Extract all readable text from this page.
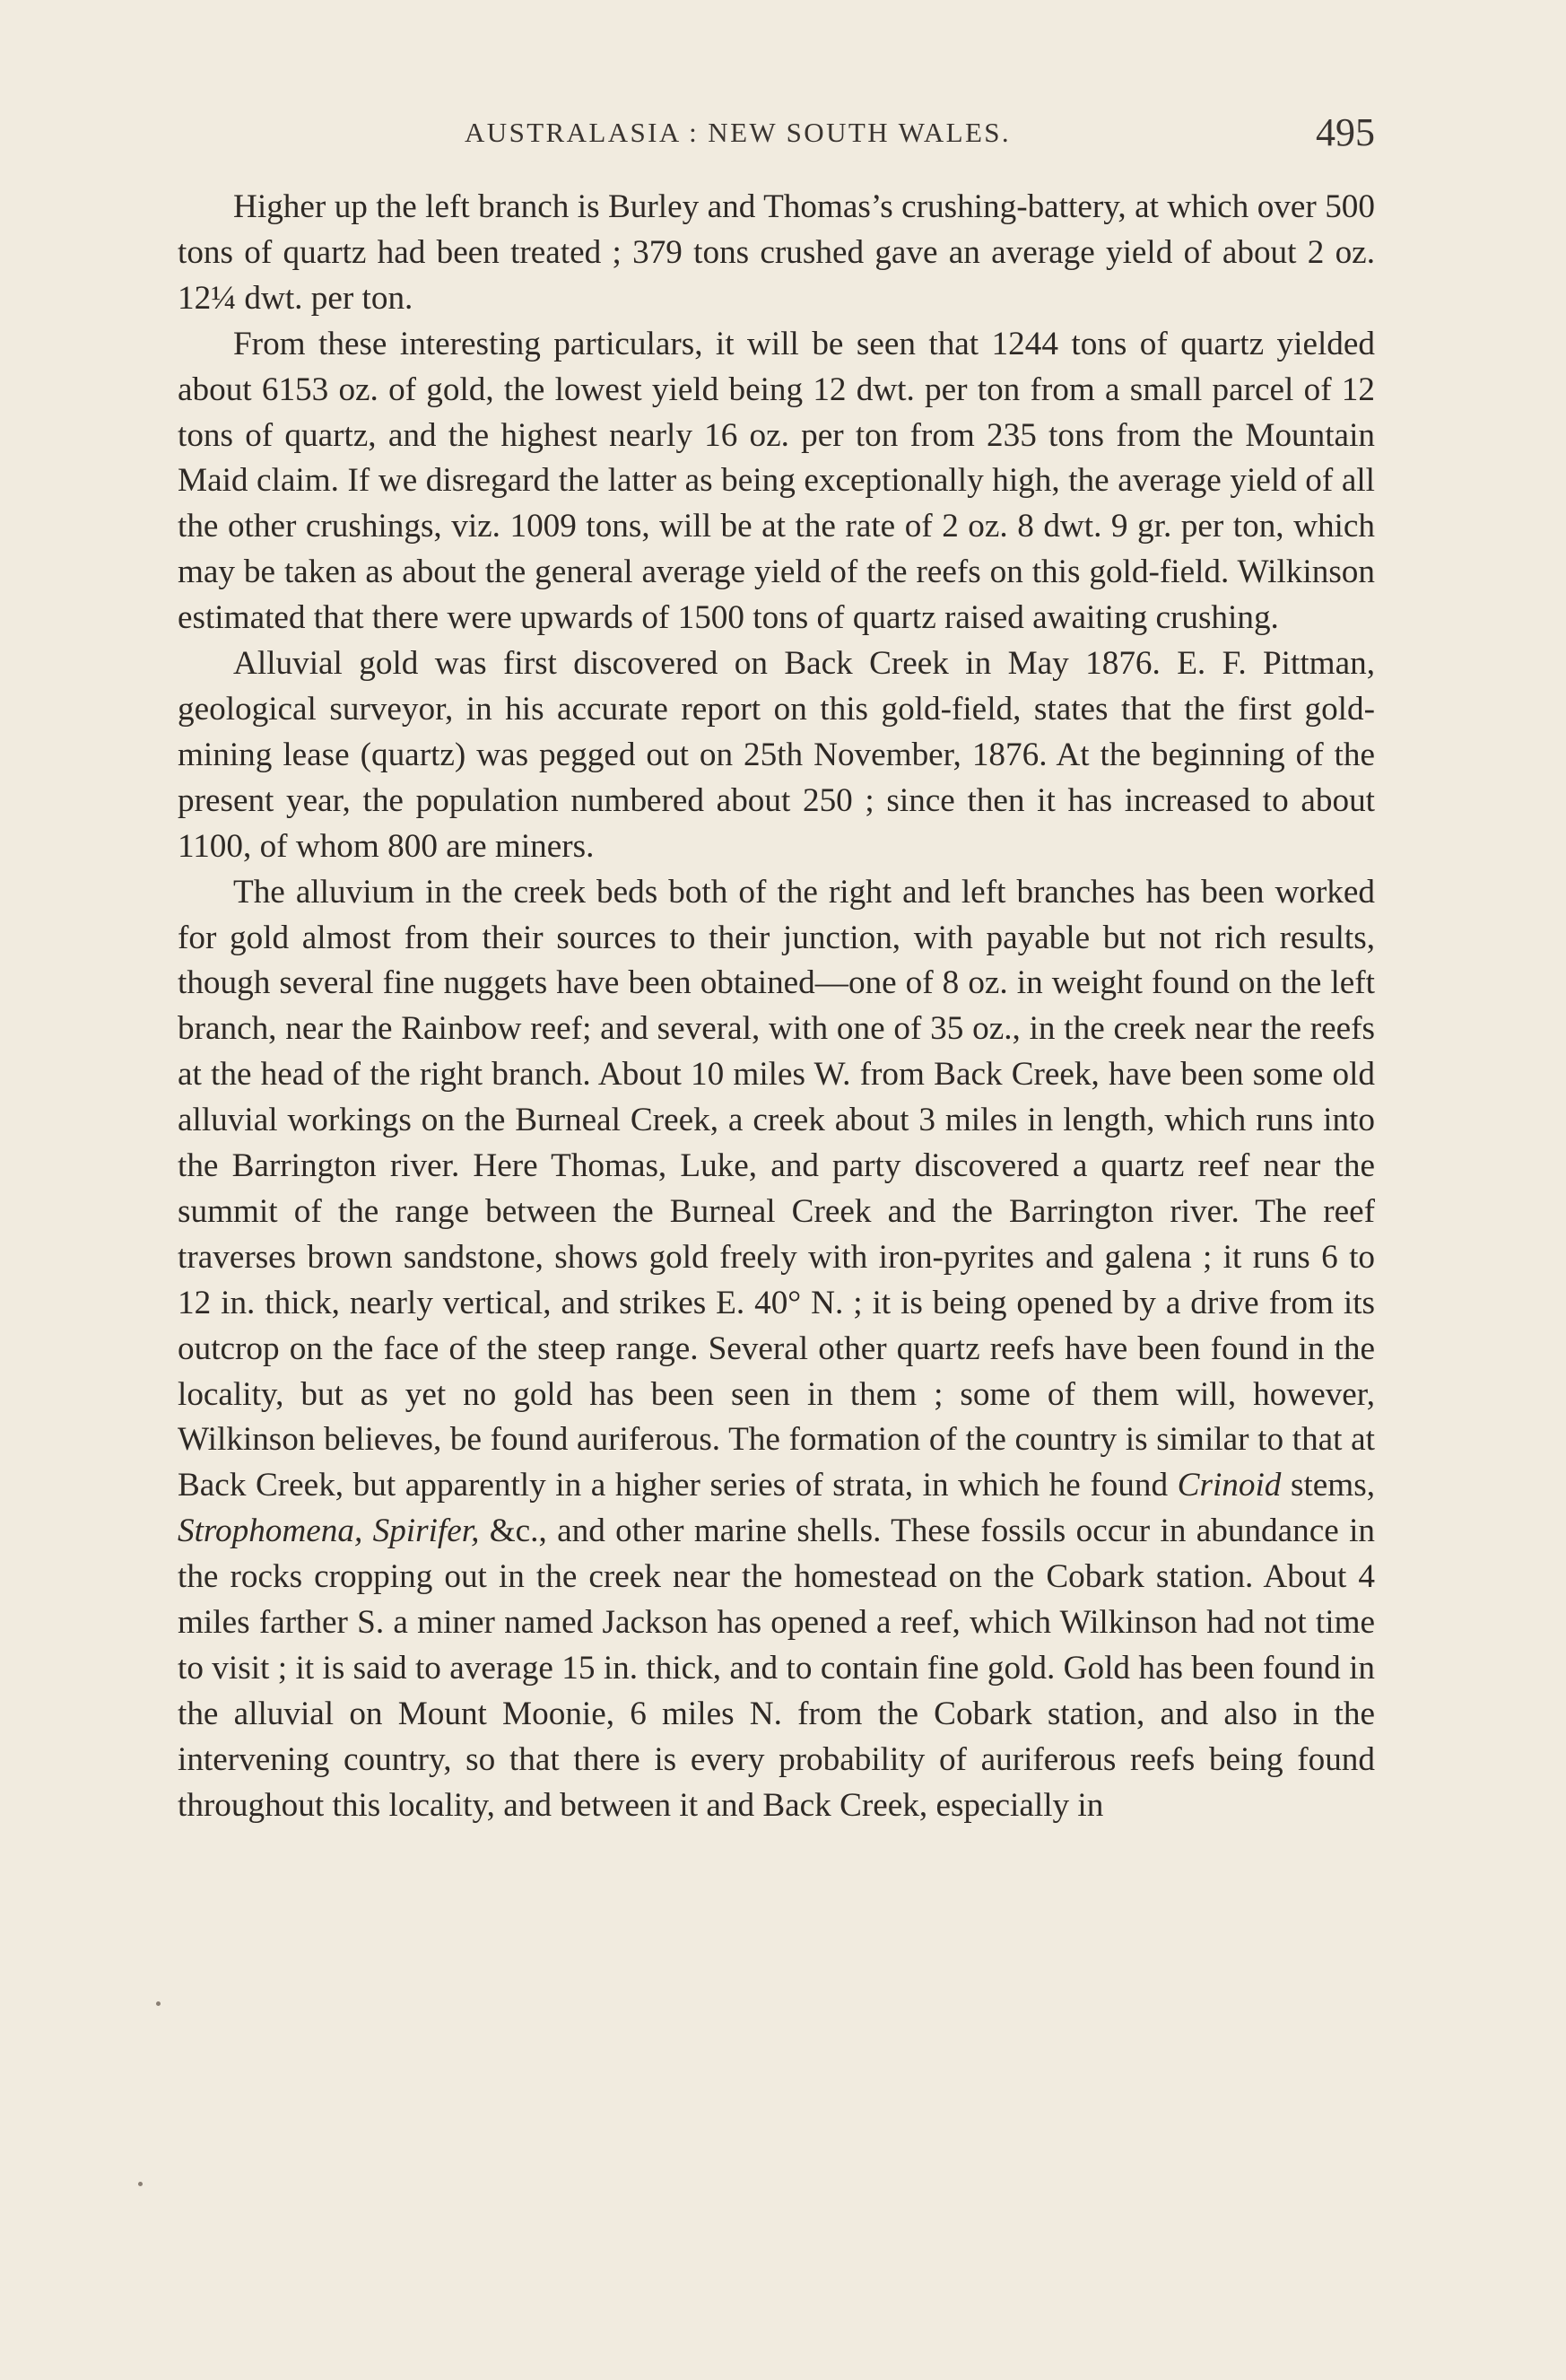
AUSTRALASIA : NEW SOUTH WALES.	495

Higher up the left branch is Burley and Thomas’s crushing-battery, at which over 500 tons of quartz had been treated ; 379 tons crushed gave an average yield of about 2 oz. 12¼ dwt. per ton.

From these interesting particulars, it will be seen that 1244 tons of quartz yielded about 6153 oz. of gold, the lowest yield being 12 dwt. per ton from a small parcel of 12 tons of quartz, and the highest nearly 16 oz. per ton from 235 tons from the Mountain Maid claim. If we disregard the latter as being exceptionally high, the average yield of all the other crushings, viz. 1009 tons, will be at the rate of 2 oz. 8 dwt. 9 gr. per ton, which may be taken as about the general average yield of the reefs on this gold-field. Wilkinson estimated that there were upwards of 1500 tons of quartz raised awaiting crushing.

Alluvial gold was first discovered on Back Creek in May 1876. E. F. Pittman, geological surveyor, in his accurate report on this gold-field, states that the first gold-mining lease (quartz) was pegged out on 25th November, 1876. At the beginning of the present year, the population numbered about 250 ; since then it has increased to about 1100, of whom 800 are miners.

The alluvium in the creek beds both of the right and left branches has been worked for gold almost from their sources to their junction, with payable but not rich results, though several fine nuggets have been obtained—one of 8 oz. in weight found on the left branch, near the Rainbow reef; and several, with one of 35 oz., in the creek near the reefs at the head of the right branch. About 10 miles W. from Back Creek, have been some old alluvial workings on the Burneal Creek, a creek about 3 miles in length, which runs into the Barrington river. Here Thomas, Luke, and party discovered a quartz reef near the summit of the range between the Burneal Creek and the Barrington river. The reef traverses brown sandstone, shows gold freely with iron-pyrites and galena ; it runs 6 to 12 in. thick, nearly vertical, and strikes E. 40° N. ; it is being opened by a drive from its outcrop on the face of the steep range. Several other quartz reefs have been found in the locality, but as yet no gold has been seen in them ; some of them will, however, Wilkinson believes, be found auriferous. The formation of the country is similar to that at Back Creek, but apparently in a higher series of strata, in which he found Crinoid stems, Strophomena, Spirifer, &c., and other marine shells. These fossils occur in abundance in the rocks cropping out in the creek near the homestead on the Cobark station. About 4 miles farther S. a miner named Jackson has opened a reef, which Wilkinson had not time to visit ; it is said to average 15 in. thick, and to contain fine gold. Gold has been found in the alluvial on Mount Moonie, 6 miles N. from the Cobark station, and also in the intervening country, so that there is every probability of auriferous reefs being found throughout this locality, and between it and Back Creek, especially in
